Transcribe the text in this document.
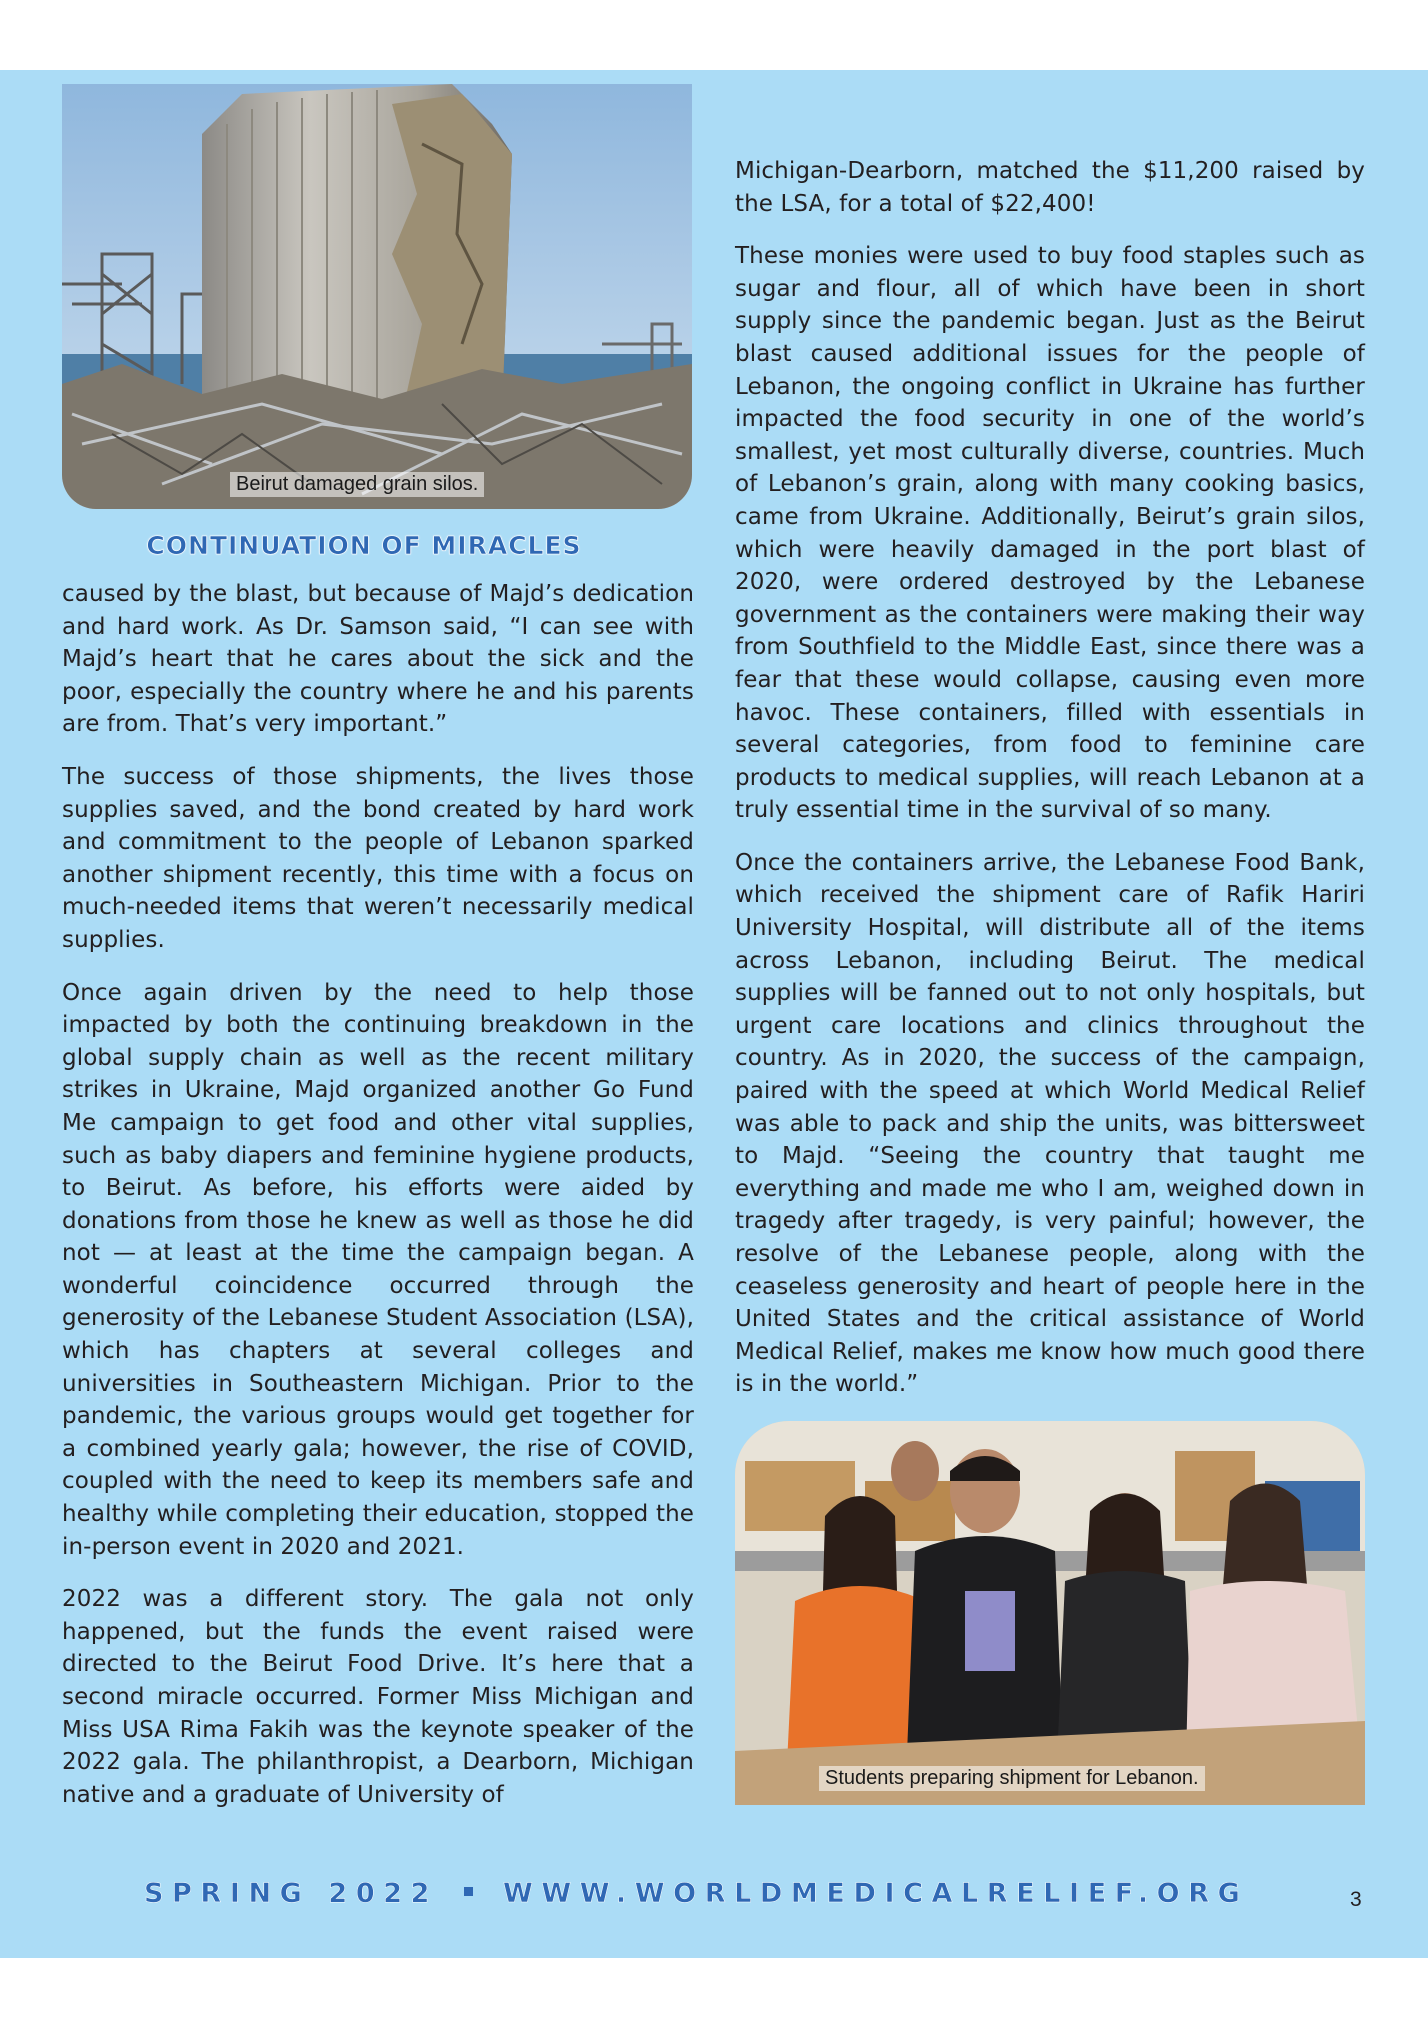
Beirut damaged grain silos.
CONTINUATION OF MIRACLES

caused by the blast, but because of Majd’s dedication and hard work. As Dr. Samson said, “I can see with Majd’s heart that he cares about the sick and the poor, especially the country where he and his parents are from. That’s very important.”

The success of those shipments, the lives those supplies saved, and the bond created by hard work and commitment to the people of Lebanon sparked another shipment recently, this time with a focus on much-needed items that weren’t necessarily medical supplies.

Once again driven by the need to help those impacted by both the continuing breakdown in the global supply chain as well as the recent military strikes in Ukraine, Majd organized another Go Fund Me campaign to get food and other vital supplies, such as baby diapers and feminine hygiene products, to Beirut. As before, his efforts were aided by donations from those he knew as well as those he did not — at least at the time the campaign began. A wonderful coincidence occurred through the generosity of the Lebanese Student Association (LSA), which has chapters at several colleges and universities in Southeastern Michigan. Prior to the pandemic, the various groups would get together for a combined yearly gala; however, the rise of COVID, coupled with the need to keep its members safe and healthy while completing their education, stopped the in-person event in 2020 and 2021.

2022 was a different story. The gala not only happened, but the funds the event raised were directed to the Beirut Food Drive. It’s here that a second miracle occurred. Former Miss Michigan and Miss USA Rima Fakih was the keynote speaker of the 2022 gala. The philanthropist, a Dearborn, Michigan native and a graduate of University of

Michigan-Dearborn, matched the $11,200 raised by the LSA, for a total of $22,400!

These monies were used to buy food staples such as sugar and flour, all of which have been in short supply since the pandemic began. Just as the Beirut blast caused additional issues for the people of Lebanon, the ongoing conflict in Ukraine has further impacted the food security in one of the world’s smallest, yet most culturally diverse, countries. Much of Lebanon’s grain, along with many cooking basics, came from Ukraine. Additionally, Beirut’s grain silos, which were heavily damaged in the port blast of 2020, were ordered destroyed by the Lebanese government as the containers were making their way from Southfield to the Middle East, since there was a fear that these would collapse, causing even more havoc. These containers, filled with essentials in several categories, from food to feminine care products to medical supplies, will reach Lebanon at a truly essential time in the survival of so many.

Once the containers arrive, the Lebanese Food Bank, which received the shipment care of Rafik Hariri University Hospital, will distribute all of the items across Lebanon, including Beirut. The medical supplies will be fanned out to not only hospitals, but urgent care locations and clinics throughout the country. As in 2020, the success of the campaign, paired with the speed at which World Medical Relief was able to pack and ship the units, was bittersweet to Majd. “Seeing the country that taught me everything and made me who I am, weighed down in tragedy after tragedy, is very painful; however, the resolve of the Lebanese people, along with the ceaseless generosity and heart of people here in the United States and the critical assistance of World Medical Relief, makes me know how much good there is in the world.”

Students preparing shipment for Lebanon.
SPRING 2022 WWW.WORLDMEDICALRELIEF.ORG	3
